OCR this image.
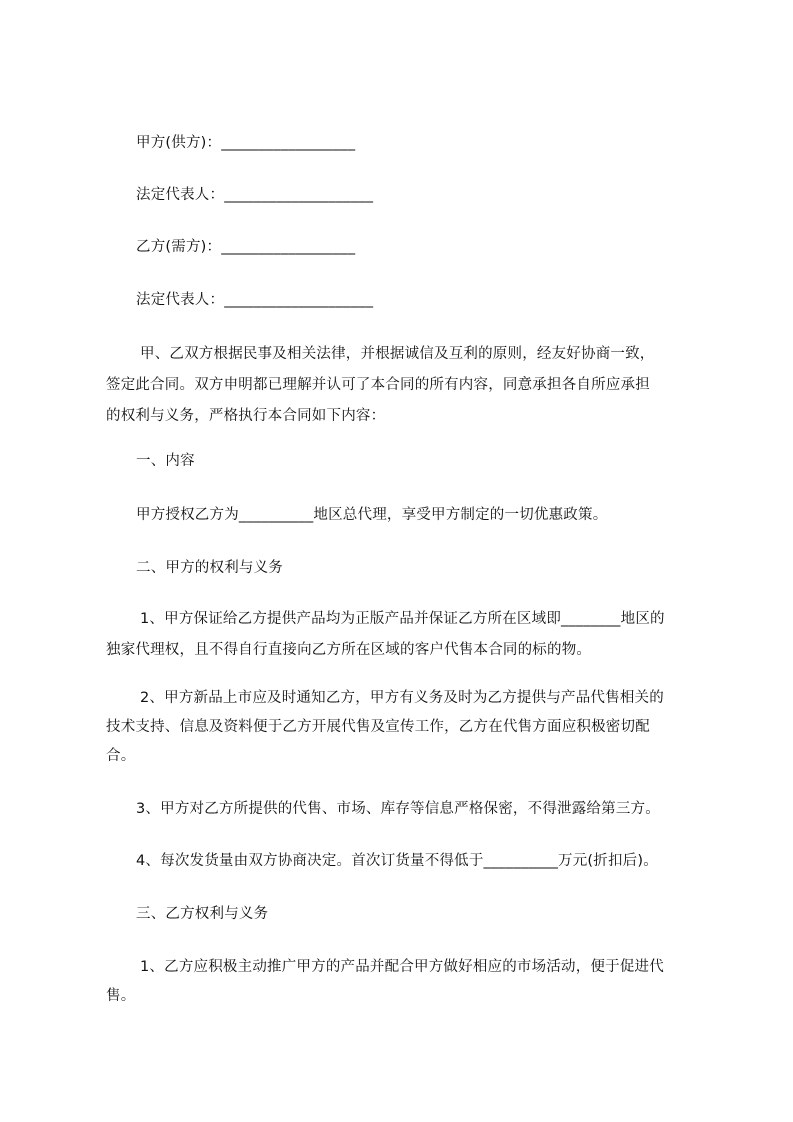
甲方(供方)：__________________
法定代表人：____________________
乙方(需方)：__________________
法定代表人：____________________
甲、乙双方根据民事及相关法律，并根据诚信及互利的原则，经友好协商一致，
签定此合同。双方申明都已理解并认可了本合同的所有内容，同意承担各自所应承担
的权利与义务，严格执行本合同如下内容：
一、内容
甲方授权乙方为__________地区总代理，享受甲方制定的一切优惠政策。
二、甲方的权利与义务
1、甲方保证给乙方提供产品均为正版产品并保证乙方所在区域即________地区的
独家代理权，且不得自行直接向乙方所在区域的客户代售本合同的标的物。
2、甲方新品上市应及时通知乙方，甲方有义务及时为乙方提供与产品代售相关的
技术支持、信息及资料便于乙方开展代售及宣传工作，乙方在代售方面应积极密切配
合。
3、甲方对乙方所提供的代售、市场、库存等信息严格保密，不得泄露给第三方。
4、每次发货量由双方协商决定。首次订货量不得低于__________万元(折扣后)。
三、乙方权利与义务
1、乙方应积极主动推广甲方的产品并配合甲方做好相应的市场活动，便于促进代
售。
